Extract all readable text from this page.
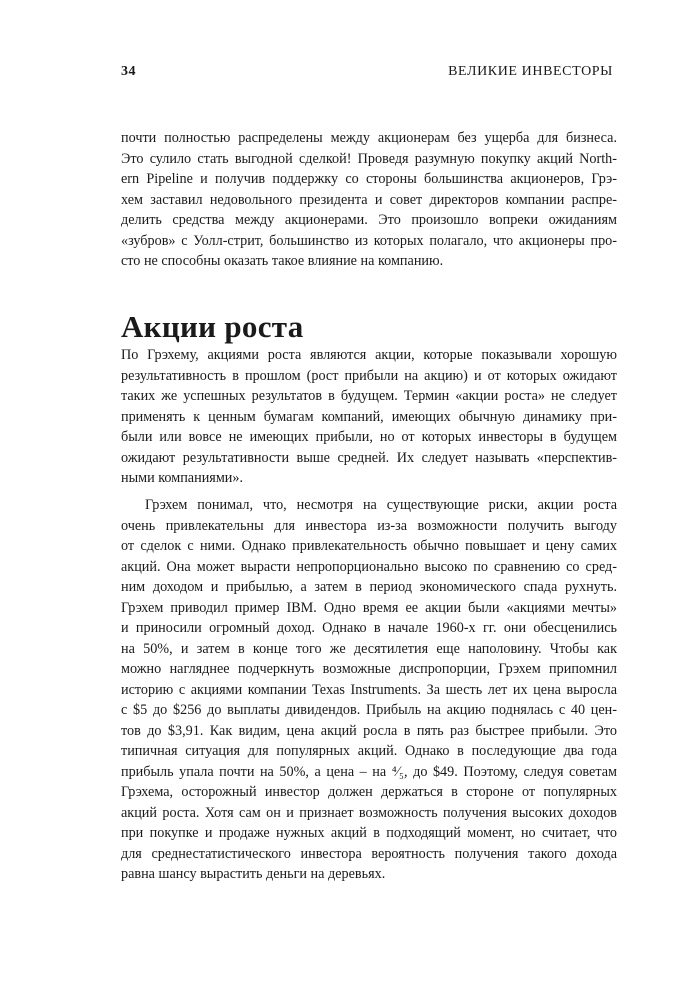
34	ВЕЛИКИЕ ИНВЕСТОРЫ
почти полностью распределены между акционерам без ущерба для бизнеса.
Это сулило стать выгодной сделкой! Проведя разумную покупку акций North-
ern Pipeline и получив поддержку со стороны большинства акционеров, Грэ-
хем заставил недовольного президента и совет директоров компании распре-
делить средства между акционерами. Это произошло вопреки ожиданиям
«зубров» с Уолл-стрит, большинство из которых полагало, что акционеры про-
сто не способны оказать такое влияние на компанию.
Акции роста
По Грэхему, акциями роста являются акции, которые показывали хорошую
результативность в прошлом (рост прибыли на акцию) и от которых ожидают
таких же успешных результатов в будущем. Термин «акции роста» не следует
применять к ценным бумагам компаний, имеющих обычную динамику при-
были или вовсе не имеющих прибыли, но от которых инвесторы в будущем
ожидают результативности выше средней. Их следует называть «перспектив-
ными компаниями».
Грэхем понимал, что, несмотря на существующие риски, акции роста
очень привлекательны для инвестора из-за возможности получить выгоду
от сделок с ними. Однако привлекательность обычно повышает и цену самих
акций. Она может вырасти непропорционально высоко по сравнению со сред-
ним доходом и прибылью, а затем в период экономического спада рухнуть.
Грэхем приводил пример IBM. Одно время ее акции были «акциями мечты»
и приносили огромный доход. Однако в начале 1960-х гг. они обесценились
на 50%, и затем в конце того же десятилетия еще наполовину. Чтобы как
можно нагляднее подчеркнуть возможные диспропорции, Грэхем припомнил
историю с акциями компании Texas Instruments. За шесть лет их цена выросла
с $5 до $256 до выплаты дивидендов. Прибыль на акцию поднялась с 40 цен-
тов до $3,91. Как видим, цена акций росла в пять раз быстрее прибыли. Это
типичная ситуация для популярных акций. Однако в последующие два года
прибыль упала почти на 50%, а цена – на ⁴⁄₅, до $49. Поэтому, следуя советам
Грэхема, осторожный инвестор должен держаться в стороне от популярных
акций роста. Хотя сам он и признает возможность получения высоких доходов
при покупке и продаже нужных акций в подходящий момент, но считает, что
для среднестатистического инвестора вероятность получения такого дохода
равна шансу вырастить деньги на деревьях.
